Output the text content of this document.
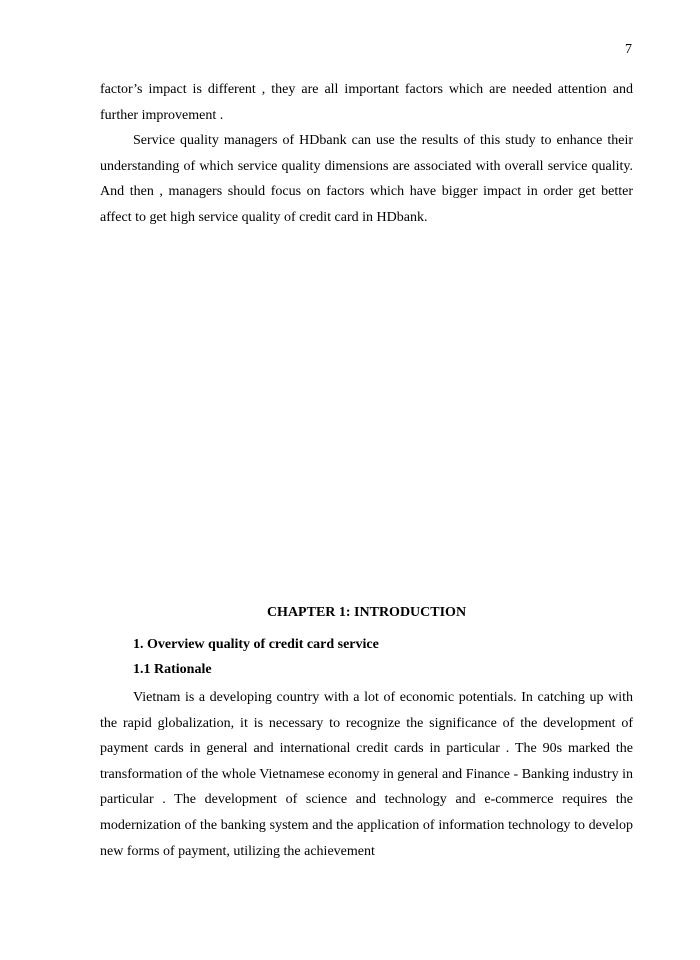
7

factor’s impact is different , they are all important factors which are needed attention and further improvement .

Service quality managers of HDbank can use the results of this study to enhance their understanding of which service quality dimensions are associated with overall service quality. And then , managers should focus on factors which have bigger impact in order get better affect to get high service quality of credit card in HDbank.

CHAPTER 1: INTRODUCTION
1. Overview quality of credit card service
1.1 Rationale

Vietnam is a developing country with a lot of economic potentials. In catching up with the rapid globalization, it is necessary to recognize the significance of the development of payment cards in general and international credit cards in particular . The 90s marked the transformation of the whole Vietnamese economy in general and Finance - Banking industry in particular . The development of science and technology and e-commerce requires the modernization of the banking system and the application of information technology to develop new forms of payment, utilizing the achievement
